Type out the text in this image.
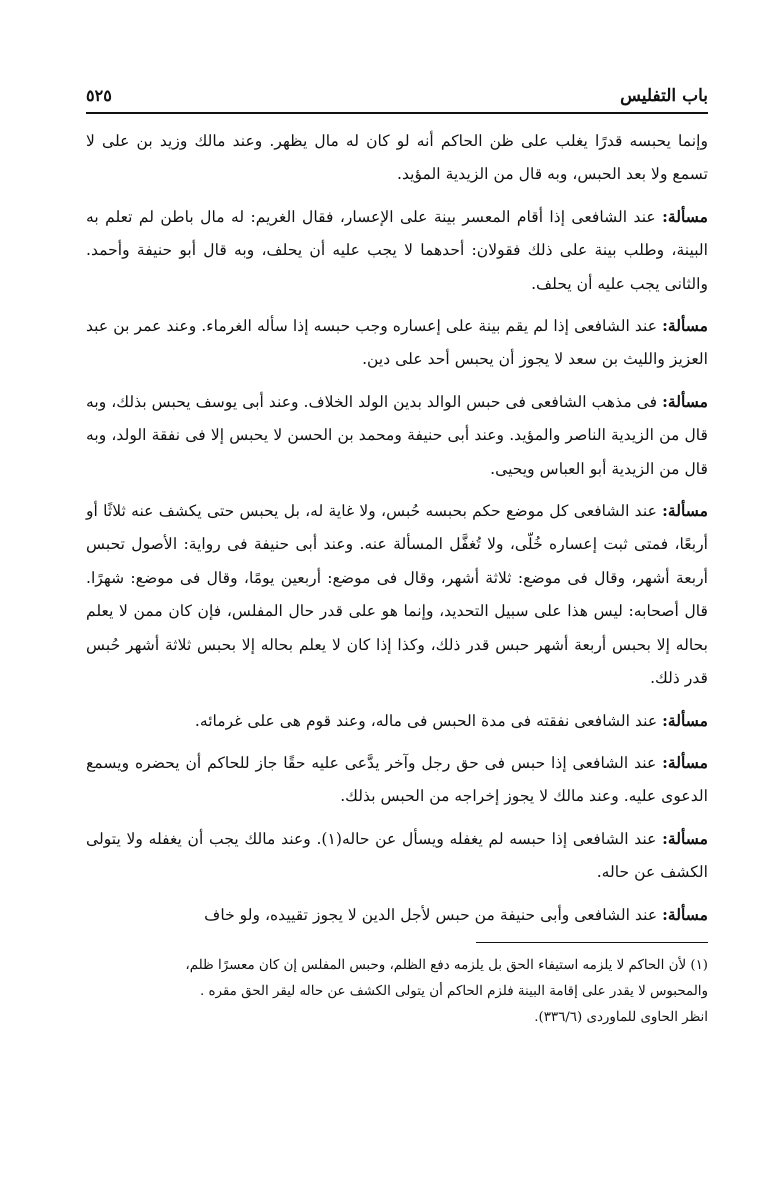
باب التفليس
٥٢٥

وإنما يحبسه قدرًا يغلب على ظن الحاكم أنه لو كان له مال يظهر. وعند مالك وزيد بن على لا تسمع ولا بعد الحبس، وبه قال من الزيدية المؤيد.

مسألة: عند الشافعى إذا أقام المعسر بينة على الإعسار، فقال الغريم: له مال باطن لم تعلم به البينة، وطلب بينة على ذلك فقولان: أحدهما لا يجب عليه أن يحلف، وبه قال أبو حنيفة وأحمد. والثانى يجب عليه أن يحلف.

مسألة: عند الشافعى إذا لم يقم بينة على إعساره وجب حبسه إذا سأله الغرماء. وعند عمر بن عبد العزيز والليث بن سعد لا يجوز أن يحبس أحد على دين.

مسألة: فى مذهب الشافعى فى حبس الوالد بدين الولد الخلاف. وعند أبى يوسف يحبس بذلك، وبه قال من الزيدية الناصر والمؤيد. وعند أبى حنيفة ومحمد بن الحسن لا يحبس إلا فى نفقة الولد، وبه قال من الزيدية أبو العباس ويحيى.

مسألة: عند الشافعى كل موضع حكم بحبسه حُبس، ولا غاية له، بل يحبس حتى يكشف عنه ثلاثًا أو أربعًا، فمتى ثبت إعساره خُلّى، ولا تُغفَّل المسألة عنه. وعند أبى حنيفة فى رواية: الأصول تحبس أربعة أشهر، وقال فى موضع: ثلاثة أشهر، وقال فى موضع: أربعين يومًا، وقال فى موضع: شهرًا. قال أصحابه: ليس هذا على سبيل التحديد، وإنما هو على قدر حال المفلس، فإن كان ممن لا يعلم بحاله إلا بحبس أربعة أشهر حبس قدر ذلك، وكذا إذا كان لا يعلم بحاله إلا بحبس ثلاثة أشهر حُبس قدر ذلك.

مسألة: عند الشافعى نفقته فى مدة الحبس فى ماله، وعند قوم هى على غرمائه.

مسألة: عند الشافعى إذا حبس فى حق رجل وآخر يدَّعى عليه حقًا جاز للحاكم أن يحضره ويسمع الدعوى عليه. وعند مالك لا يجوز إخراجه من الحبس بذلك.

مسألة: عند الشافعى إذا حبسه لم يغفله ويسأل عن حاله(١). وعند مالك يجب أن يغفله ولا يتولى الكشف عن حاله.

مسألة: عند الشافعى وأبى حنيفة من حبس لأجل الدين لا يجوز تقييده، ولو خاف

(١) لأن الحاكم لا يلزمه استيفاء الحق بل يلزمه دفع الظلم، وحبس المفلس إن كان معسرًا ظلم،

والمحبوس لا يقدر على إقامة البينة فلزم الحاكم أن يتولى الكشف عن حاله ليقر الحق مقره .

انظر الحاوى للماوردى (٣٣٦/٦).
